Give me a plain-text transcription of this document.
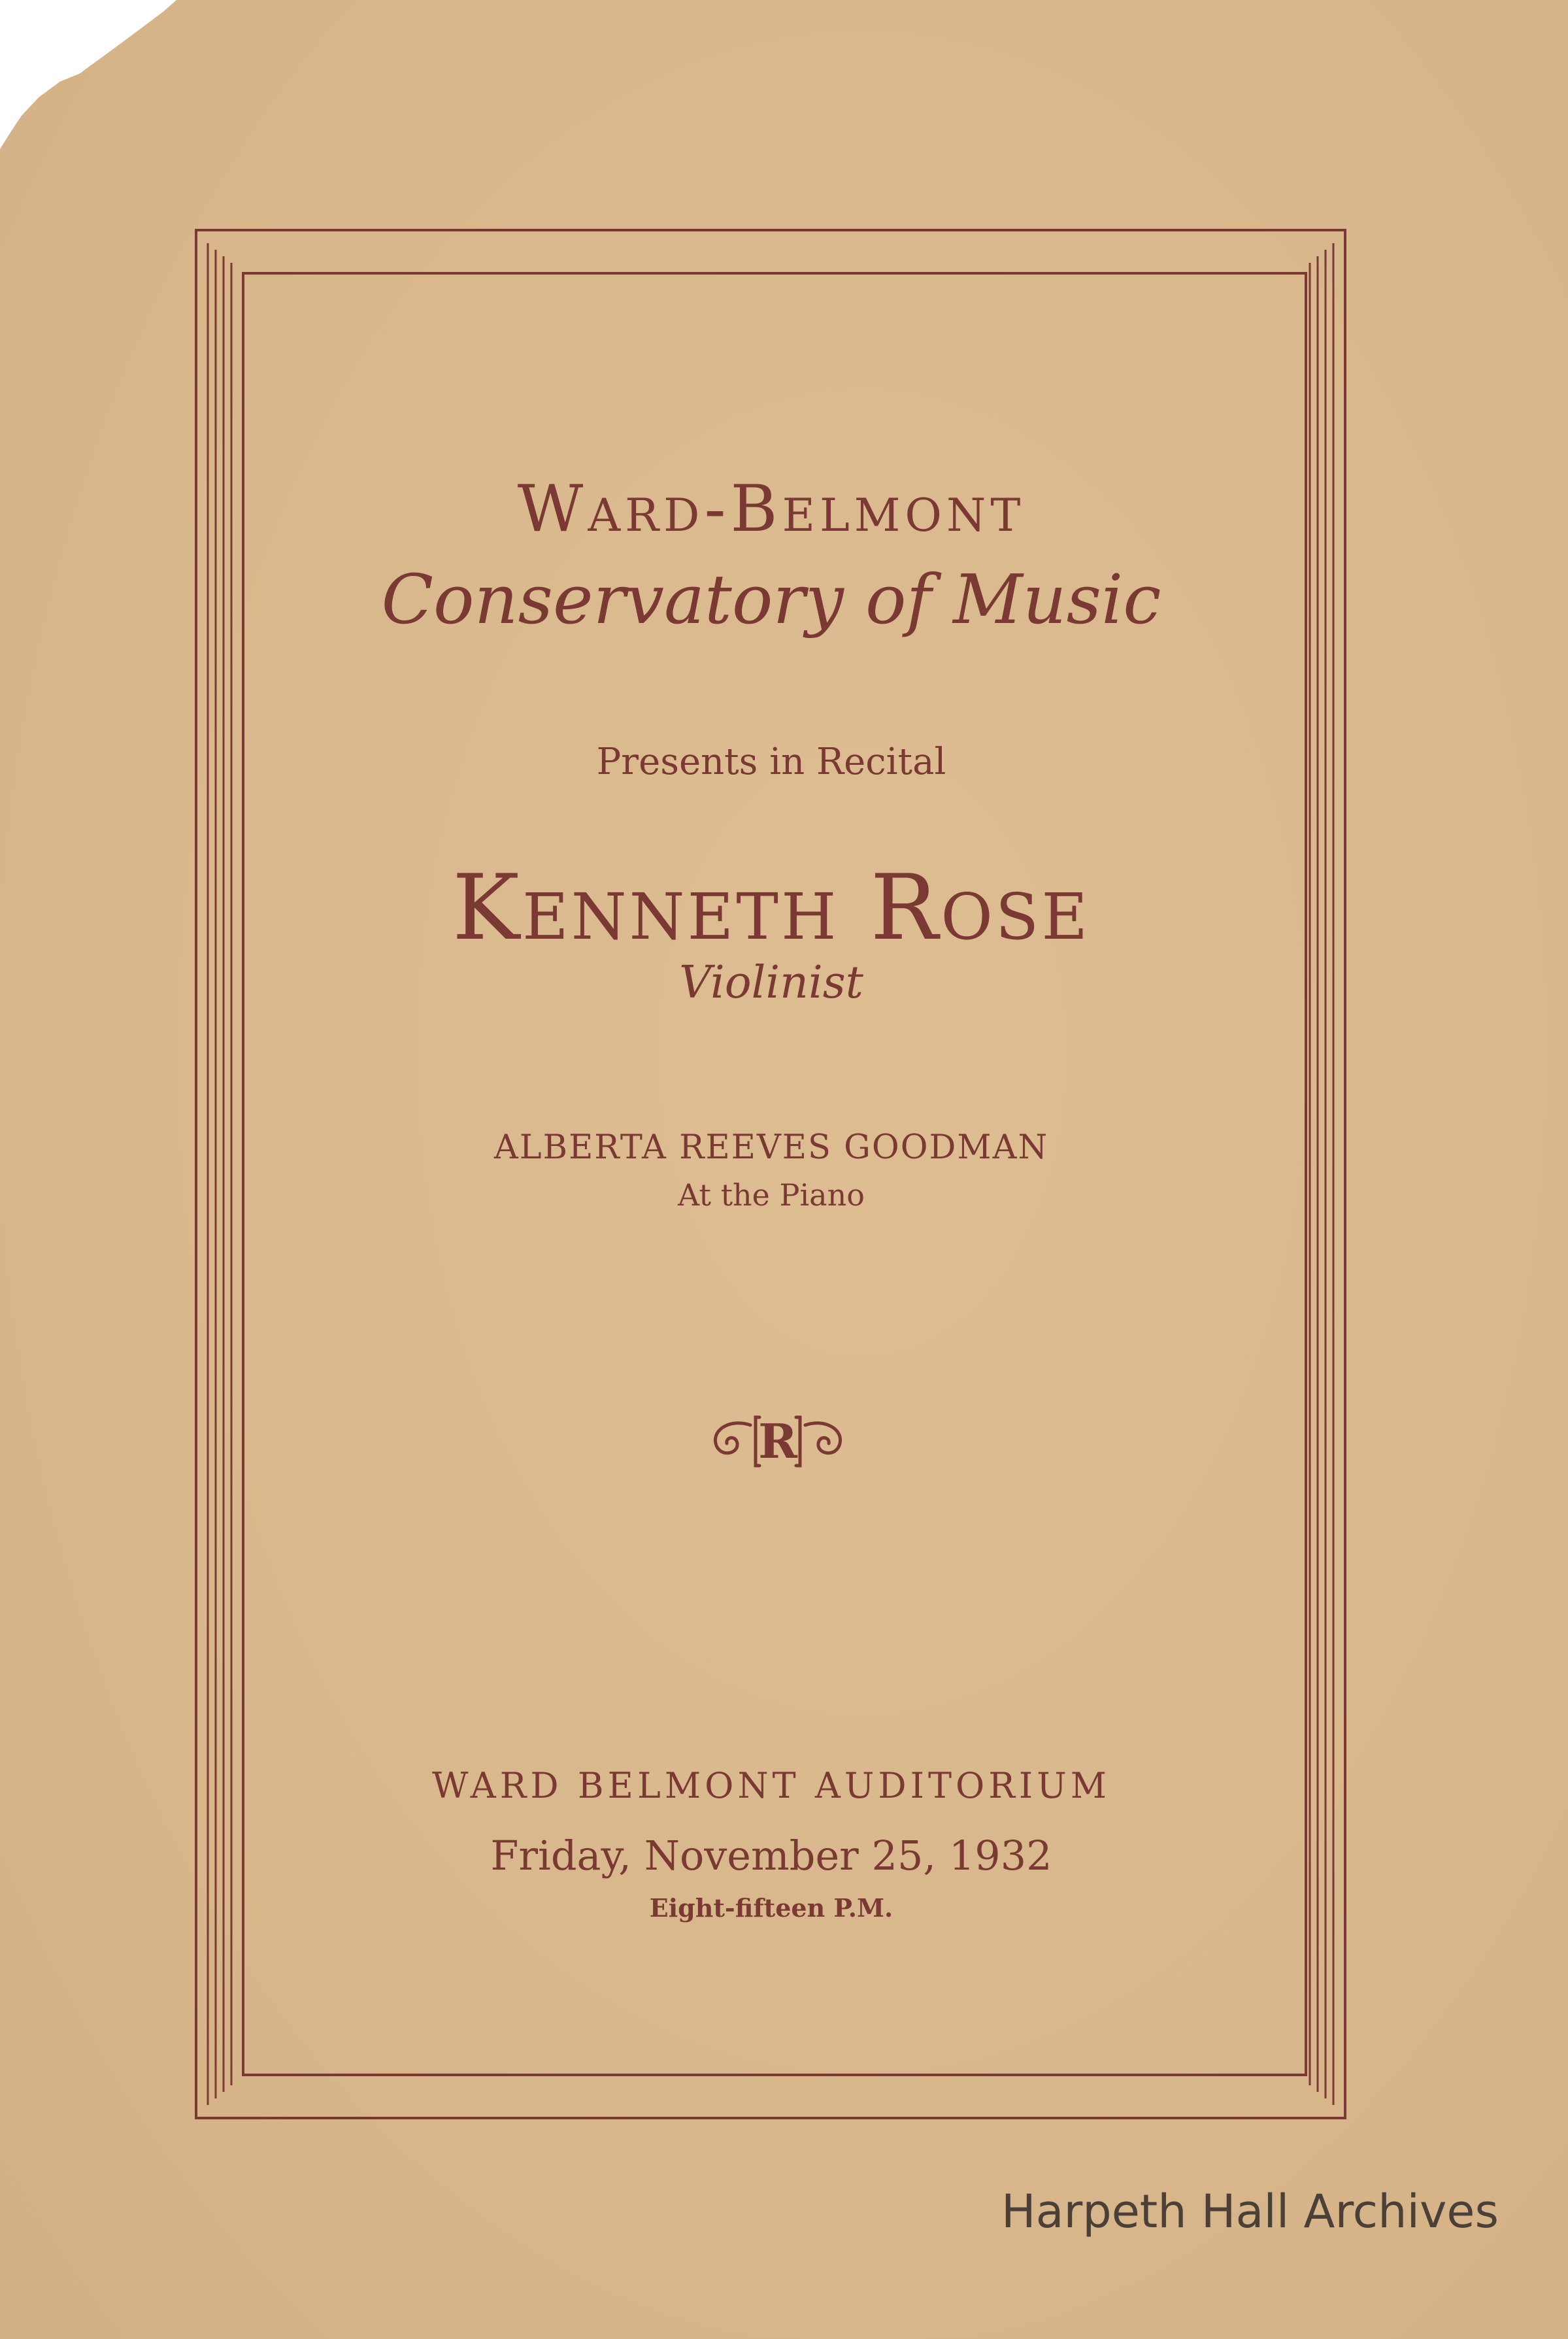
Ward-Belmont
Conservatory of Music
Presents in Recital
Kenneth Rose
Violinist
ALBERTA REEVES GOODMAN
At the Piano
R
WARD BELMONT AUDITORIUM
Friday, November 25, 1932
Eight-fifteen P.M.
Harpeth Hall Archives
